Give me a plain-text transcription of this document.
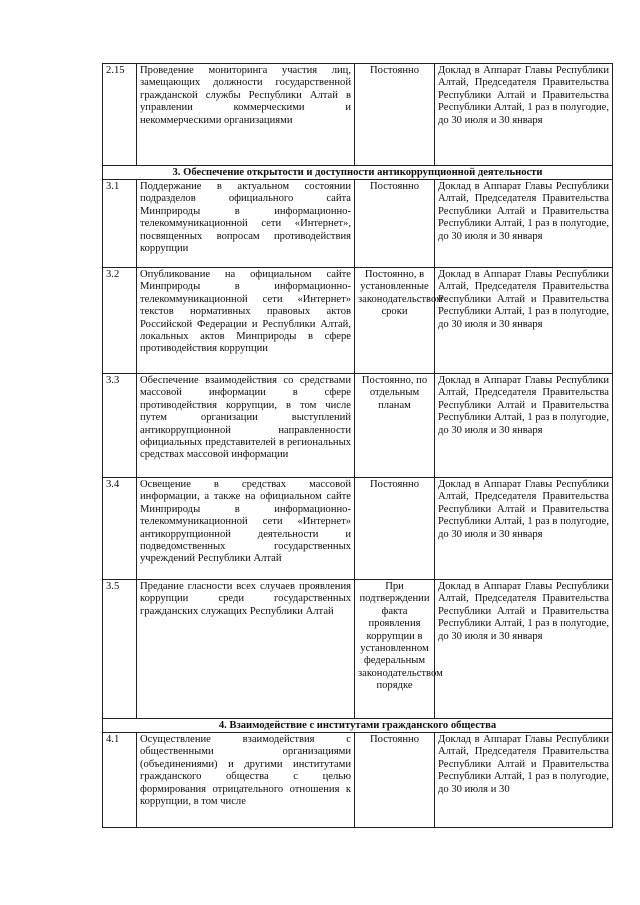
2.15	Проведение мониторинга участия лиц, замещающих должности государственной гражданской службы Республики Алтай в управлении коммерческими и некоммерческими организациями	Постоянно	Доклад в Аппарат Главы Республики Алтай, Председателя Правительства Республики Алтай и Правительства Республики Алтай, 1 раз в полугодие, до 30 июля и 30 января
3. Обеспечение открытости и доступности антикоррупционной деятельности			
3.1	Поддержание в актуальном состоянии подразделов официального сайта Минприроды в информационно-телекоммуникационной сети «Интернет», посвященных вопросам противодействия коррупции	Постоянно	Доклад в Аппарат Главы Республики Алтай, Председателя Правительства Республики Алтай и Правительства Республики Алтай, 1 раз в полугодие, до 30 июля и 30 января
3.2	Опубликование на официальном сайте Минприроды в информационно-телекоммуникационной сети «Интернет» текстов нормативных правовых актов Российской Федерации и Республики Алтай, локальных актов Минприроды в сфере противодействия коррупции	Постоянно, в установленные законодательством сроки	Доклад в Аппарат Главы Республики Алтай, Председателя Правительства Республики Алтай и Правительства Республики Алтай, 1 раз в полугодие, до 30 июля и 30 января
3.3	Обеспечение взаимодействия со средствами массовой информации в сфере противодействия коррупции, в том числе путем организации выступлений антикоррупционной направленности официальных представителей в региональных средствах массовой информации	Постоянно, по отдельным планам	Доклад в Аппарат Главы Республики Алтай, Председателя Правительства Республики Алтай и Правительства Республики Алтай, 1 раз в полугодие, до 30 июля и 30 января
3.4	Освещение в средствах массовой информации, а также на официальном сайте Минприроды в информационно-телекоммуникационной сети «Интернет» антикоррупционной деятельности и подведомственных государственных учреждений Республики Алтай	Постоянно	Доклад в Аппарат Главы Республики Алтай, Председателя Правительства Республики Алтай и Правительства Республики Алтай, 1 раз в полугодие, до 30 июля и 30 января
3.5	Предание гласности всех случаев проявления коррупции среди государственных гражданских служащих Республики Алтай	При подтверждении факта проявления коррупции в установленном федеральным законодательством порядке	Доклад в Аппарат Главы Республики Алтай, Председателя Правительства Республики Алтай и Правительства Республики Алтай, 1 раз в полугодие, до 30 июля и 30 января
4. Взаимодействие с институтами гражданского общества			
4.1	Осуществление взаимодействия с общественными организациями (объединениями) и другими институтами гражданского общества с целью формирования отрицательного отношения к коррупции, в том числе	Постоянно	Доклад в Аппарат Главы Республики Алтай, Председателя Правительства Республики Алтай и Правительства Республики Алтай, 1 раз в полугодие, до 30 июля и 30
